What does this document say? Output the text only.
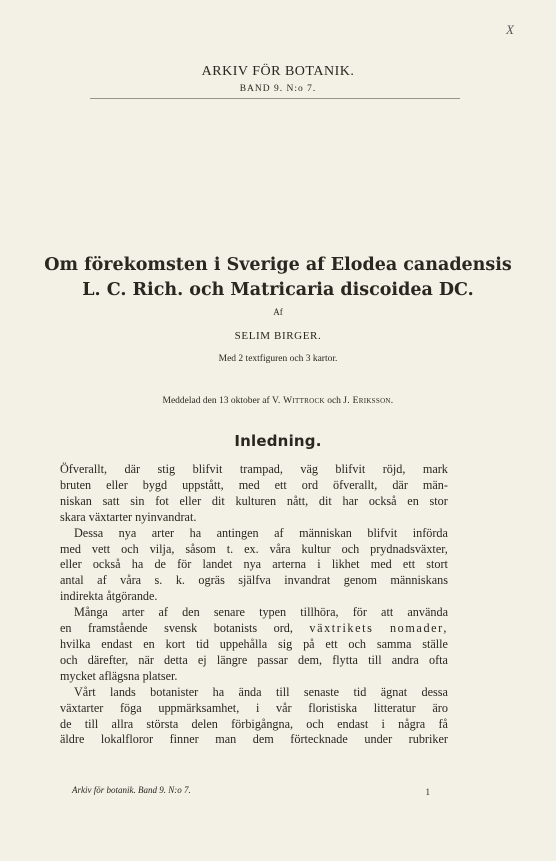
X
ARKIV FÖR BOTANIK.
BAND 9. N:o 7.
Om förekomsten i Sverige af Elodea canadensis
L. C. Rich. och Matricaria discoidea DC.
Af
SELIM BIRGER.
Med 2 textfiguren och 3 kartor.
Meddelad den 13 oktober af V. Wittrock och J. Eriksson.
Inledning.
Öfverallt, där stig blifvit trampad, väg blifvit röjd, mark
bruten eller bygd uppstått, med ett ord öfverallt, där män-
niskan satt sin fot eller dit kulturen nått, dit har också en stor
skara växtarter nyinvandrat.
Dessa nya arter ha antingen af människan blifvit införda
med vett och vilja, såsom t. ex. våra kultur och prydnadsväxter,
eller också ha de för landet nya arterna i likhet med ett stort
antal af våra s. k. ogräs själfva invandrat genom människans
indirekta åtgörande.
Många arter af den senare typen tillhöra, för att använda
en framstående svensk botanists ord, växtrikets nomader,
hvilka endast en kort tid uppehålla sig på ett och samma ställe
och därefter, när detta ej längre passar dem, flytta till andra ofta
mycket aflägsna platser.
Vårt lands botanister ha ända till senaste tid ägnat dessa
växtarter föga uppmärksamhet, i vår floristiska litteratur äro
de till allra största delen förbigångna, och endast i några få
äldre lokalfloror finner man dem förtecknade under rubriker
Arkiv för botanik. Band 9. N:o 7.	1
